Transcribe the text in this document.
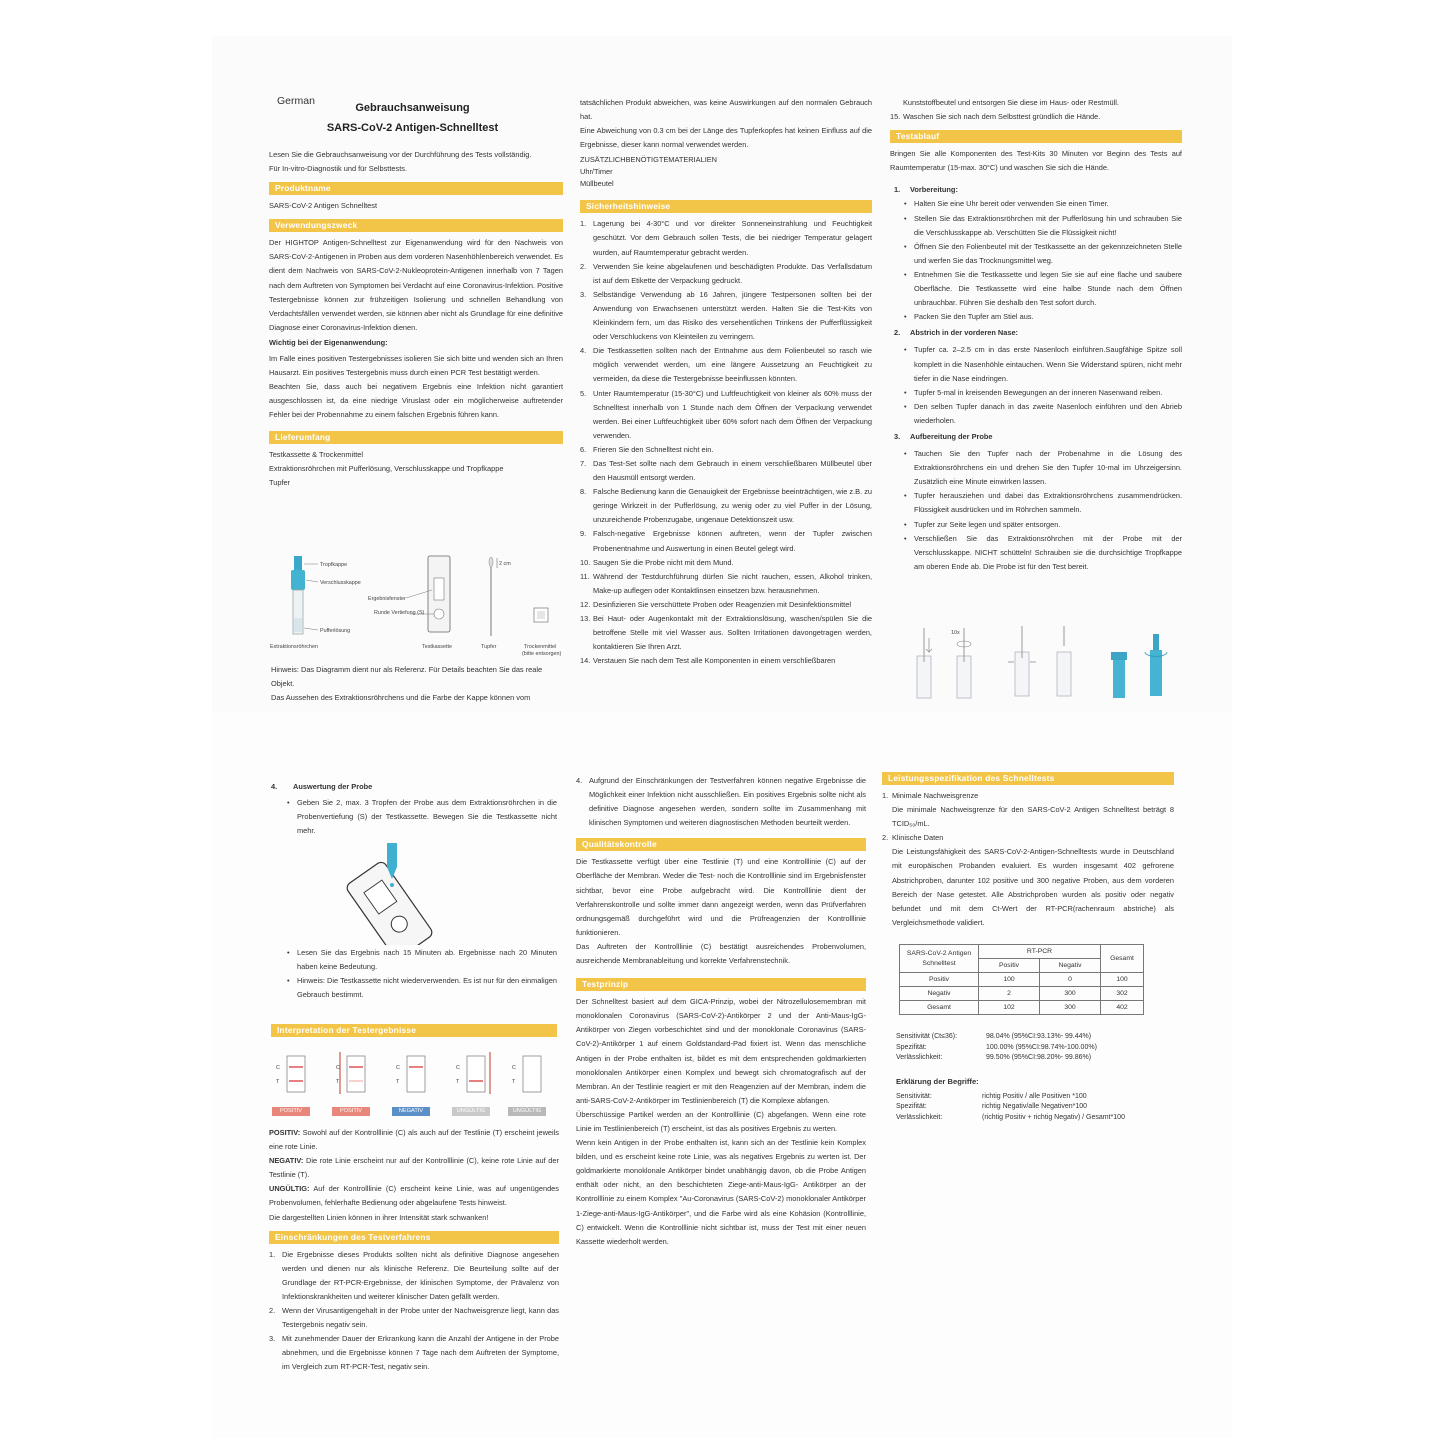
German
Gebrauchsanweisung
SARS-CoV-2 Antigen-Schnelltest

Lesen Sie die Gebrauchsanweisung vor der Durchführung des Tests vollständig.

Für In-vitro-Diagnostik und für Selbsttests.

Produktname

SARS-CoV-2 Antigen Schnelltest

Verwendungszweck

Der HIGHTOP Antigen-Schnelltest zur Eigenanwendung wird für den Nachweis von SARS-CoV-2-Antigenen in Proben aus dem vorderen Nasenhöhlenbereich verwendet. Es dient dem Nachweis von SARS-CoV-2-Nukleoprotein-Antigenen innerhalb von 7 Tagen nach dem Auftreten von Symptomen bei Verdacht auf eine Coronavirus-Infektion. Positive Testergebnisse können zur frühzeitigen Isolierung und schnellen Behandlung von Verdachtsfällen verwendet werden, sie können aber nicht als Grundlage für eine definitive Diagnose einer Coronavirus-Infektion dienen.

Wichtig bei der Eigenanwendung:

Im Falle eines positiven Testergebnisses isolieren Sie sich bitte und wenden sich an Ihren Hausarzt. Ein positives Testergebnis muss durch einen PCR Test bestätigt werden.

Beachten Sie, dass auch bei negativem Ergebnis eine Infektion nicht garantiert ausgeschlossen ist, da eine niedrige Viruslast oder ein möglicherweise auftretender Fehler bei der Probennahme zu einem falschen Ergebnis führen kann.

Lieferumfang

Testkassette & Trockenmittel

Extraktionsröhrchen mit Pufferlösung, Verschlusskappe und Tropfkappe

Tupfer

Tropfkappe
Verschlusskappe
Pufferlösung
Extraktionsröhrchen
Ergebnisfenster
Runde Vertiefung (S)
Testkassette
2 cm
Tupfer	Trockenmittel
(bitte entsorgen)

Hinweis: Das Diagramm dient nur als Referenz. Für Details beachten Sie das reale Objekt.

Das Aussehen des Extraktionsröhrchens und die Farbe der Kappe können vom

tatsächlichen Produkt abweichen, was keine Auswirkungen auf den normalen Gebrauch hat.

Eine Abweichung von 0.3 cm bei der Länge des Tupferkopfes hat keinen Einfluss auf die Ergebnisse, dieser kann normal verwendet werden.

ZUSÄTZLICHBENÖTIGTEMATERIALIEN

Uhr/Timer

Müllbeutel

Sicherheitshinweise
1. Lagerung bei 4-30°C und vor direkter Sonneneinstrahlung und Feuchtigkeit geschützt. Vor dem Gebrauch sollen Tests, die bei niedriger Temperatur gelagert wurden, auf Raumtemperatur gebracht werden.
2. Verwenden Sie keine abgelaufenen und beschädigten Produkte. Das Verfallsdatum ist auf dem Etikette der Verpackung gedruckt.
3. Selbständige Verwendung ab 16 Jahren, jüngere Testpersonen sollten bei der Anwendung von Erwachsenen unterstützt werden. Halten Sie die Test-Kits von Kleinkindern fern, um das Risiko des versehentlichen Trinkens der Pufferflüssigkeit oder Verschluckens von Kleinteilen zu verringern.
4. Die Testkassetten sollten nach der Entnahme aus dem Folienbeutel so rasch wie möglich verwendet werden, um eine längere Aussetzung an Feuchtigkeit zu vermeiden, da diese die Testergebnisse beeinflussen könnten.
5. Unter Raumtemperatur (15-30°C) und Luftfeuchtigkeit von kleiner als 60% muss der Schnelltest innerhalb von 1 Stunde nach dem Öffnen der Verpackung verwendet werden. Bei einer Luftfeuchtigkeit über 60% sofort nach dem Öffnen der Verpackung verwenden.
6. Frieren Sie den Schnelltest nicht ein.
7. Das Test-Set sollte nach dem Gebrauch in einem verschließbaren Müllbeutel über den Hausmüll entsorgt werden.
8. Falsche Bedienung kann die Genauigkeit der Ergebnisse beeinträchtigen, wie z.B. zu geringe Wirkzeit in der Pufferlösung, zu wenig oder zu viel Puffer in der Lösung, unzureichende Probenzugabe, ungenaue Detektionszeit usw.
9. Falsch-negative Ergebnisse können auftreten, wenn der Tupfer zwischen Probenentnahme und Auswertung in einen Beutel gelegt wird.
10. Saugen Sie die Probe nicht mit dem Mund.
11. Während der Testdurchführung dürfen Sie nicht rauchen, essen, Alkohol trinken, Make-up auflegen oder Kontaktlinsen einsetzen bzw. herausnehmen.
12. Desinfizieren Sie verschüttete Proben oder Reagenzien mit Desinfektionsmittel
13. Bei Haut- oder Augenkontakt mit der Extraktionslösung, waschen/spülen Sie die betroffene Stelle mit viel Wasser aus. Sollten Irritationen davongetragen werden, kontaktieren Sie Ihren Arzt.
14. Verstauen Sie nach dem Test alle Komponenten in einem verschließbaren

Kunststoffbeutel und entsorgen Sie diese im Haus- oder Restmüll.

15. Waschen Sie sich nach dem Selbsttest gründlich die Hände.
Testablauf

Bringen Sie alle Komponenten des Test-Kits 30 Minuten vor Beginn des Tests auf Raumtemperatur (15-max. 30°C) und waschen Sie sich die Hände.

1. Vorbereitung:
• Halten Sie eine Uhr bereit oder verwenden Sie einen Timer.
• Stellen Sie das Extraktionsröhrchen mit der Pufferlösung hin und schrauben Sie die Verschlusskappe ab. Verschütten Sie die Flüssigkeit nicht!
• Öffnen Sie den Folienbeutel mit der Testkassette an der gekennzeichneten Stelle und werfen Sie das Trocknungsmittel weg.
• Entnehmen Sie die Testkassette und legen Sie sie auf eine flache und saubere Oberfläche. Die Testkassette wird eine halbe Stunde nach dem Öffnen unbrauchbar. Führen Sie deshalb den Test sofort durch.
• Packen Sie den Tupfer am Stiel aus.
2. Abstrich in der vorderen Nase:
• Tupfer ca. 2–2.5 cm in das erste Nasenloch einführen.Saugfähige Spitze soll komplett in die Nasenhöhle eintauchen. Wenn Sie Widerstand spüren, nicht mehr tiefer in die Nase eindringen.
• Tupfer 5-mal in kreisenden Bewegungen an der inneren Nasenwand reiben.
• Den selben Tupfer danach in das zweite Nasenloch einführen und den Abrieb wiederholen.
3. Aufbereitung der Probe
• Tauchen Sie den Tupfer nach der Probenahme in die Lösung des Extraktionsröhrchens ein und drehen Sie den Tupfer 10-mal im Uhrzeigersinn. Zusätzlich eine Minute einwirken lassen.
• Tupfer herausziehen und dabei das Extraktionsröhrchens zusammendrücken. Flüssigkeit ausdrücken und im Röhrchen sammeln.
• Tupfer zur Seite legen und später entsorgen.
• Verschließen Sie das Extraktionsröhrchen mit der Probe mit der Verschlusskappe. NICHT schütteln! Schrauben sie die durchsichtige Tropfkappe am oberen Ende ab. Die Probe ist für den Test bereit.
10x
4. Auswertung der Probe
• Geben Sie 2, max. 3 Tropfen der Probe aus dem Extraktionsröhrchen in die Probenvertiefung (S) der Testkassette. Bewegen Sie die Testkassette nicht mehr.
• Lesen Sie das Ergebnis nach 15 Minuten ab. Ergebnisse nach 20 Minuten haben keine Bedeutung.
• Hinweis: Die Testkassette nicht wiederverwenden. Es ist nur für den einmaligen Gebrauch bestimmt.
Interpretation der Testergebnisse
C
T
POSITIV
C
T
POSITIV
C
T
NEGATIV
C
T
UNGÜLTIG
C
T
UNGÜLTIG

POSITIV: Sowohl auf der Kontrolllinie (C) als auch auf der Testlinie (T) erscheint jeweils eine rote Linie.

NEGATIV: Die rote Linie erscheint nur auf der Kontrolllinie (C), keine rote Linie auf der Testlinie (T).

UNGÜLTIG: Auf der Kontrolllinie (C) erscheint keine Linie, was auf ungenügendes Probenvolumen, fehlerhafte Bedienung oder abgelaufene Tests hinweist.

Die dargestellten Linien können in ihrer Intensität stark schwanken!

Einschränkungen des Testverfahrens
1. Die Ergebnisse dieses Produkts sollten nicht als definitive Diagnose angesehen werden und dienen nur als klinische Referenz. Die Beurteilung sollte auf der Grundlage der RT-PCR-Ergebnisse, der klinischen Symptome, der Prävalenz von Infektionskrankheiten und weiterer klinischer Daten gefällt werden.
2. Wenn der Virusantigengehalt in der Probe unter der Nachweisgrenze liegt, kann das Testergebnis negativ sein.
3. Mit zunehmender Dauer der Erkrankung kann die Anzahl der Antigene in der Probe abnehmen, und die Ergebnisse können 7 Tage nach dem Auftreten der Symptome, im Vergleich zum RT-PCR-Test, negativ sein.
4. Aufgrund der Einschränkungen der Testverfahren können negative Ergebnisse die Möglichkeit einer Infektion nicht ausschließen. Ein positives Ergebnis sollte nicht als definitive Diagnose angesehen werden, sondern sollte im Zusammenhang mit klinischen Symptomen und weiteren diagnostischen Methoden beurteilt werden.
Qualitätskontrolle

Die Testkassette verfügt über eine Testlinie (T) und eine Kontrolllinie (C) auf der Oberfläche der Membran. Weder die Test- noch die Kontrolllinie sind im Ergebnisfenster sichtbar, bevor eine Probe aufgebracht wird. Die Kontrolllinie dient der Verfahrenskontrolle und sollte immer dann angezeigt werden, wenn das Prüfverfahren ordnungsgemäß durchgeführt wird und die Prüfreagenzien der Kontrolllinie funktionieren.

Das Auftreten der Kontrolllinie (C) bestätigt ausreichendes Probenvolumen, ausreichende Membranableitung und korrekte Verfahrenstechnik.

Testprinzip

Der Schnelltest basiert auf dem GICA-Prinzip, wobei der Nitrozellulosemembran mit monoklonalen Coronavirus (SARS-CoV-2)-Antikörper 2 und der Anti-Maus-IgG-Antikörper von Ziegen vorbeschichtet sind und der monoklonale Coronavirus (SARS- CoV-2)-Antikörper 1 auf einem Goldstandard-Pad fixiert ist. Wenn das menschliche Antigen in der Probe enthalten ist, bildet es mit dem entsprechenden goldmarkierten monoklonalen Antikörper einen Komplex und bewegt sich chromatografisch auf der Membran. An der Testlinie reagiert er mit den Reagenzien auf der Membran, indem die anti-SARS-CoV-2-Antikörper im Testlinienbereich (T) die Komplexe abfangen.

Überschüssige Partikel werden an der Kontrolllinie (C) abgefangen. Wenn eine rote Linie im Testlinienbereich (T) erscheint, ist das als positives Ergebnis zu werten.

Wenn kein Antigen in der Probe enthalten ist, kann sich an der Testlinie kein Komplex bilden, und es erscheint keine rote Linie, was als negatives Ergebnis zu werten ist. Der goldmarkierte monoklonale Antikörper bindet unabhängig davon, ob die Probe Antigen enthält oder nicht, an den beschichteten Ziege-anti-Maus-IgG- Antikörper an der Kontrolllinie zu einem Komplex "Au-Coronavirus (SARS-CoV-2) monoklonaler Antikörper 1-Ziege-anti-Maus-IgG-Antikörper", und die Farbe wird als eine Kohäsion (Kontrolllinie, C) entwickelt. Wenn die Kontrolllinie nicht sichtbar ist, muss der Test mit einer neuen Kassette wiederholt werden.

Leistungsspezifikation des Schnelltests
1. Minimale Nachweisgrenze

Die minimale Nachweisgrenze für den SARS-CoV-2 Antigen Schnelltest beträgt 8 TCID₅₀/mL.

2. Klinische Daten

Die Leistungsfähigkeit des SARS-CoV-2-Antigen-Schnelltests wurde in Deutschland mit europäischen Probanden evaluiert. Es wurden insgesamt 402 gefrorene Abstrichproben, darunter 102 positive und 300 negative Proben, aus dem vorderen Bereich der Nase getestet. Alle Abstrichproben wurden als positiv oder negativ befundet und mit dem Ct-Wert der RT-PCR(rachenraum abstriche) als Vergleichsmethode validiert.

SARS-CoV-2 Antigen Schnelltest	RT-PCR		Gesamt
	Positiv	Negativ	
Positiv	100	0	100
Negativ	2	300	302
Gesamt	102	300	402
Sensitivität (Ct≤36):	98.04% (95%CI:93.13%- 99.44%)
Spezifität:	100.00% (95%CI:98.74%-100.00%)
Verlässlichkeit:	99.50% (95%CI:98.20%- 99.86%)

Erklärung der Begriffe:

Sensitivität:	richtig Positiv / alle Positiven *100
Spezifität:	richtig Negativ/alle Negativen*100
Verlässlichkeit:	(richtig Positiv + richtig Negativ) / Gesamt*100
